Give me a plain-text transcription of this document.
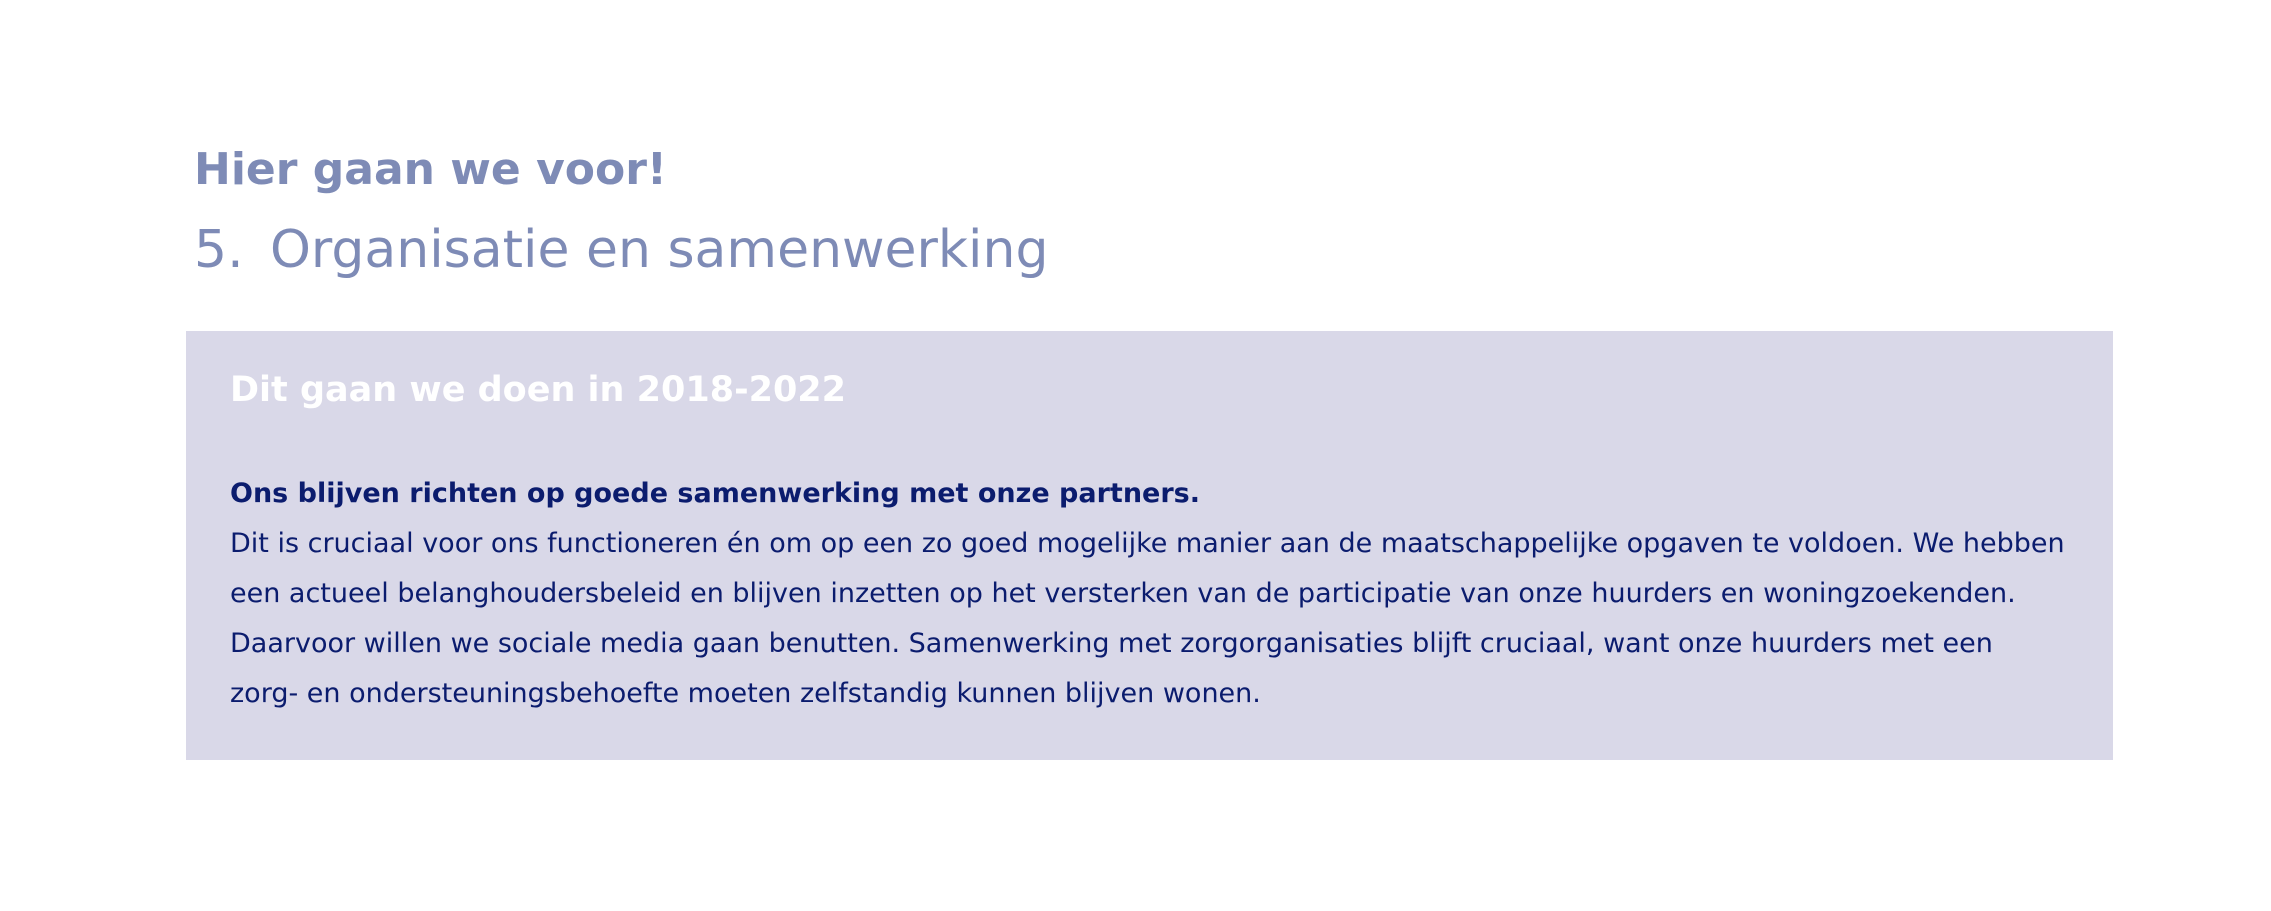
Hier gaan we voor!

5. Organisatie en samenwerking
Dit gaan we doen in 2018-2022

Ons blijven richten op goede samenwerking met onze partners.

Dit is cruciaal voor ons functioneren én om op een zo goed mogelijke manier aan de maatschappelijke opgaven te voldoen. We hebben
een actueel belanghoudersbeleid en blijven inzetten op het versterken van de participatie van onze huurders en woningzoekenden.
Daarvoor willen we sociale media gaan benutten. Samenwerking met zorgorganisaties blijft cruciaal, want onze huurders met een
zorg- en ondersteuningsbehoefte moeten zelfstandig kunnen blijven wonen.
